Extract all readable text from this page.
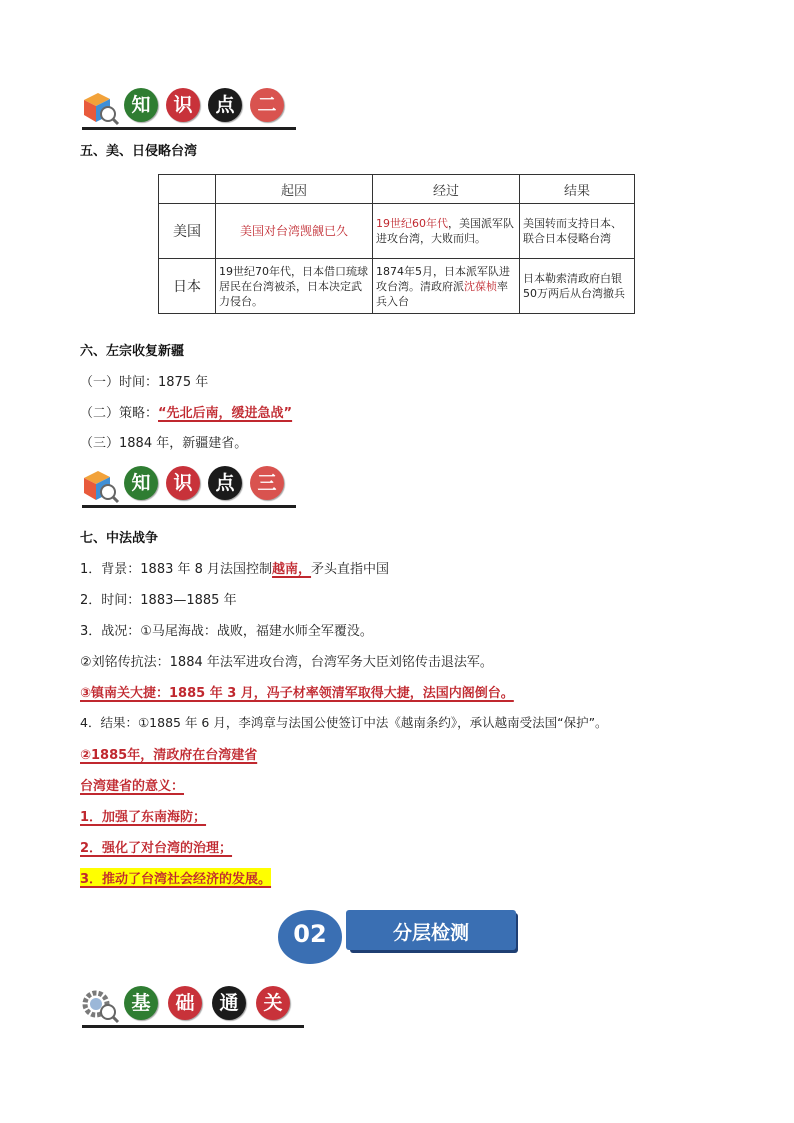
知	识	点	二
五、美、日侵略台湾
	起因	经过	结果
美国	美国对台湾觊觎已久	19世纪60年代，美国派军队进攻台湾，大败而归。	美国转而支持日本、联合日本侵略台湾
日本	19世纪70年代，日本借口琉球居民在台湾被杀，日本决定武力侵台。	1874年5月，日本派军队进攻台湾。清政府派沈葆桢率兵入台	日本勒索清政府白银50万两后从台湾撤兵
六、左宗收复新疆
（一）时间：1875 年
（二）策略：“先北后南，缓进急战”
（三）1884 年，新疆建省。
知	识	点	三
七、中法战争
1．背景：1883 年 8 月法国控制越南，矛头直指中国
2．时间：1883—1885 年
3．战况：①马尾海战：战败，福建水师全军覆没。
②刘铭传抗法：1884 年法军进攻台湾，台湾军务大臣刘铭传击退法军。
③镇南关大捷：1885 年 3 月，冯子材率领清军取得大捷，法国内阁倒台。
4．结果：①1885 年 6 月，李鸿章与法国公使签订中法《越南条约》，承认越南受法国“保护”。
②1885年，清政府在台湾建省
台湾建省的意义：
1．加强了东南海防；
2．强化了对台湾的治理；
3．推动了台湾社会经济的发展。
02	分层检测
基	础	通	关
